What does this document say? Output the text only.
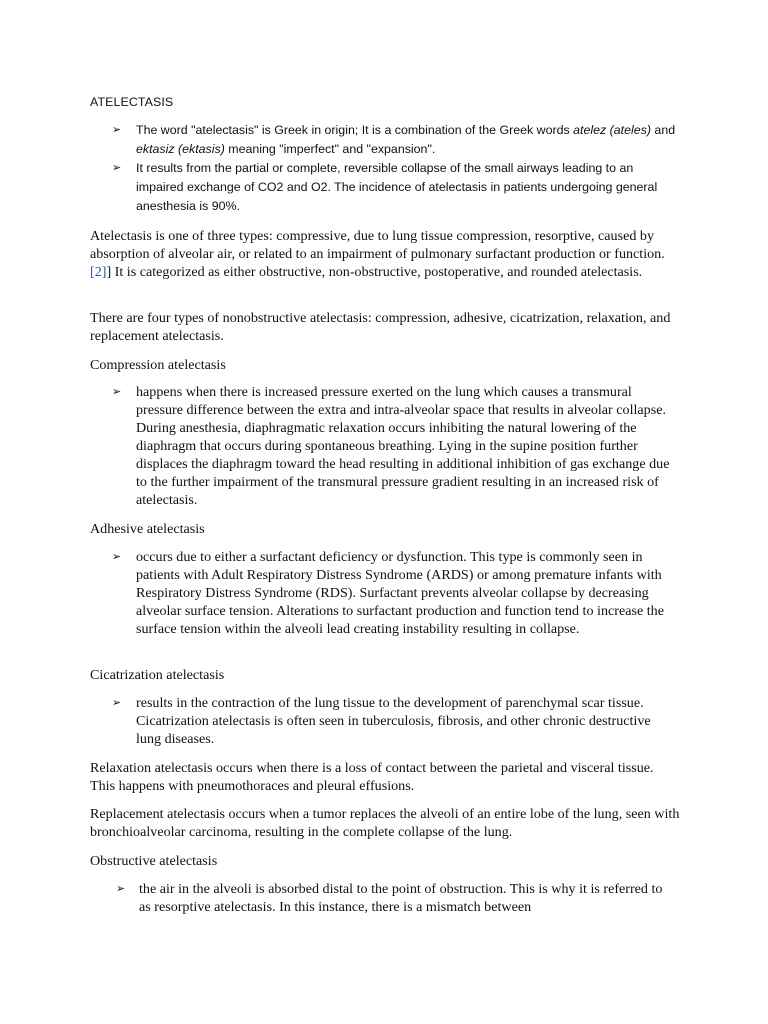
ATELECTASIS
➢ The word "atelectasis" is Greek in origin; It is a combination of the Greek words atelez (ateles) and ektasiz (ektasis) meaning "imperfect" and "expansion".
➢ It results from the partial or complete, reversible collapse of the small airways leading to an impaired exchange of CO2 and O2. The incidence of atelectasis in patients undergoing general anesthesia is 90%.

Atelectasis is one of three types: compressive, due to lung tissue compression, resorptive, caused by absorption of alveolar air, or related to an impairment of pulmonary surfactant production or function.[2]] It is categorized as either obstructive, non-obstructive, postoperative, and rounded atelectasis.

There are four types of nonobstructive atelectasis: compression, adhesive, cicatrization, relaxation, and replacement atelectasis.

Compression atelectasis

➢ happens when there is increased pressure exerted on the lung which causes a transmural pressure difference between the extra and intra-alveolar space that results in alveolar collapse. During anesthesia, diaphragmatic relaxation occurs inhibiting the natural lowering of the diaphragm that occurs during spontaneous breathing. Lying in the supine position further displaces the diaphragm toward the head resulting in additional inhibition of gas exchange due to the further impairment of the transmural pressure gradient resulting in an increased risk of atelectasis.

Adhesive atelectasis

➢ occurs due to either a surfactant deficiency or dysfunction. This type is commonly seen in patients with Adult Respiratory Distress Syndrome (ARDS) or among premature infants with Respiratory Distress Syndrome (RDS). Surfactant prevents alveolar collapse by decreasing alveolar surface tension. Alterations to surfactant production and function tend to increase the surface tension within the alveoli lead creating instability resulting in collapse.

Cicatrization atelectasis

➢ results in the contraction of the lung tissue to the development of parenchymal scar tissue. Cicatrization atelectasis is often seen in tuberculosis, fibrosis, and other chronic destructive lung diseases.

Relaxation atelectasis occurs when there is a loss of contact between the parietal and visceral tissue. This happens with pneumothoraces and pleural effusions.

Replacement atelectasis occurs when a tumor replaces the alveoli of an entire lobe of the lung, seen with bronchioalveolar carcinoma, resulting in the complete collapse of the lung.

Obstructive atelectasis

➢ the air in the alveoli is absorbed distal to the point of obstruction. This is why it is referred to as resorptive atelectasis. In this instance, there is a mismatch between
